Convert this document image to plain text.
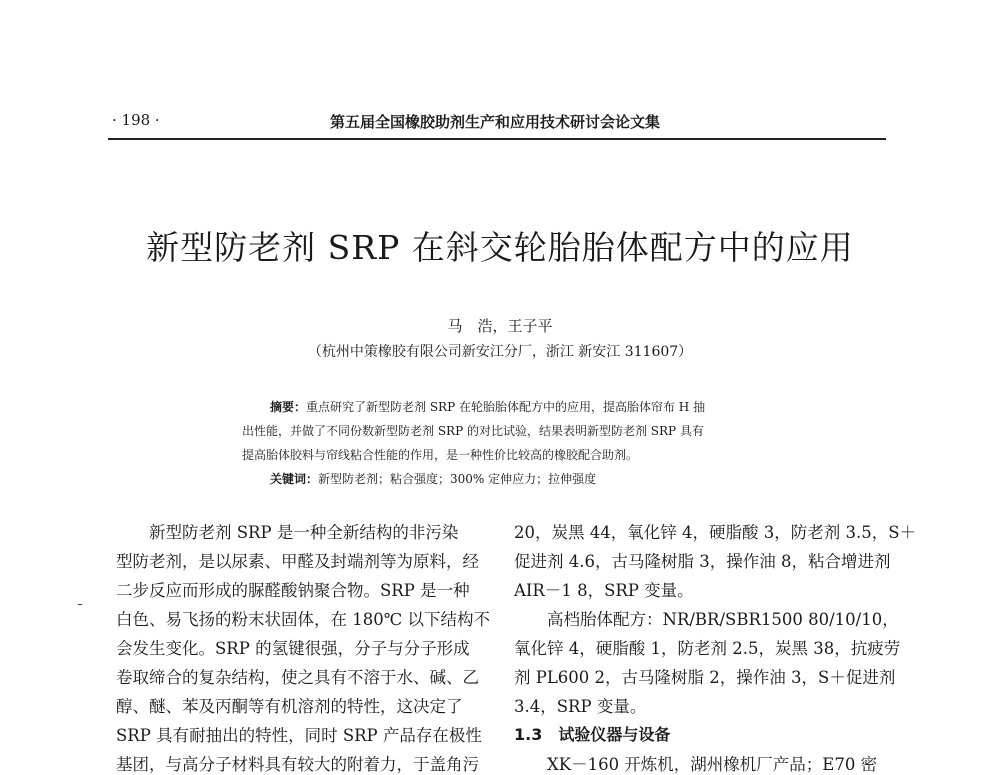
· 198 ·	第五届全国橡胶助剂生产和应用技术研讨会论文集
新型防老剂 SRP 在斜交轮胎胎体配方中的应用
马　浩，王子平
（杭州中策橡胶有限公司新安江分厂，浙江 新安江 311607）
摘要：重点研究了新型防老剂 SRP 在轮胎胎体配方中的应用，提高胎体帘布 H 抽
出性能，并做了不同份数新型防老剂 SRP 的对比试验，结果表明新型防老剂 SRP 具有
提高胎体胶料与帘线粘合性能的作用，是一种性价比较高的橡胶配合助剂。
关键词：新型防老剂；粘合强度；300% 定伸应力；拉伸强度
　　新型防老剂 SRP 是一种全新结构的非污染
型防老剂，是以尿素、甲醛及封端剂等为原料，经
二步反应而形成的脲醛酸钠聚合物。SRP 是一种
白色、易飞扬的粉末状固体，在 180℃ 以下结构不
会发生变化。SRP 的氢键很强，分子与分子形成
卷取缔合的复杂结构，使之具有不溶于水、碱、乙
醇、醚、苯及丙酮等有机溶剂的特性，这决定了
SRP 具有耐抽出的特性，同时 SRP 产品存在极性
基团，与高分子材料具有较大的附着力，于盖角污
20，炭黑 44，氧化锌 4，硬脂酸 3，防老剂 3.5，S＋
促进剂 4.6，古马隆树脂 3，操作油 8，粘合增进剂
AIR－1 8，SRP 变量。
　　高档胎体配方：NR/BR/SBR1500 80/10/10，
氧化锌 4，硬脂酸 1，防老剂 2.5，炭黑 38，抗疲劳
剂 PL600 2，古马隆树脂 2，操作油 3，S＋促进剂
3.4，SRP 变量。
1.3　试验仪器与设备
　　XK－160 开炼机，湖州橡机厂产品；E70 密
